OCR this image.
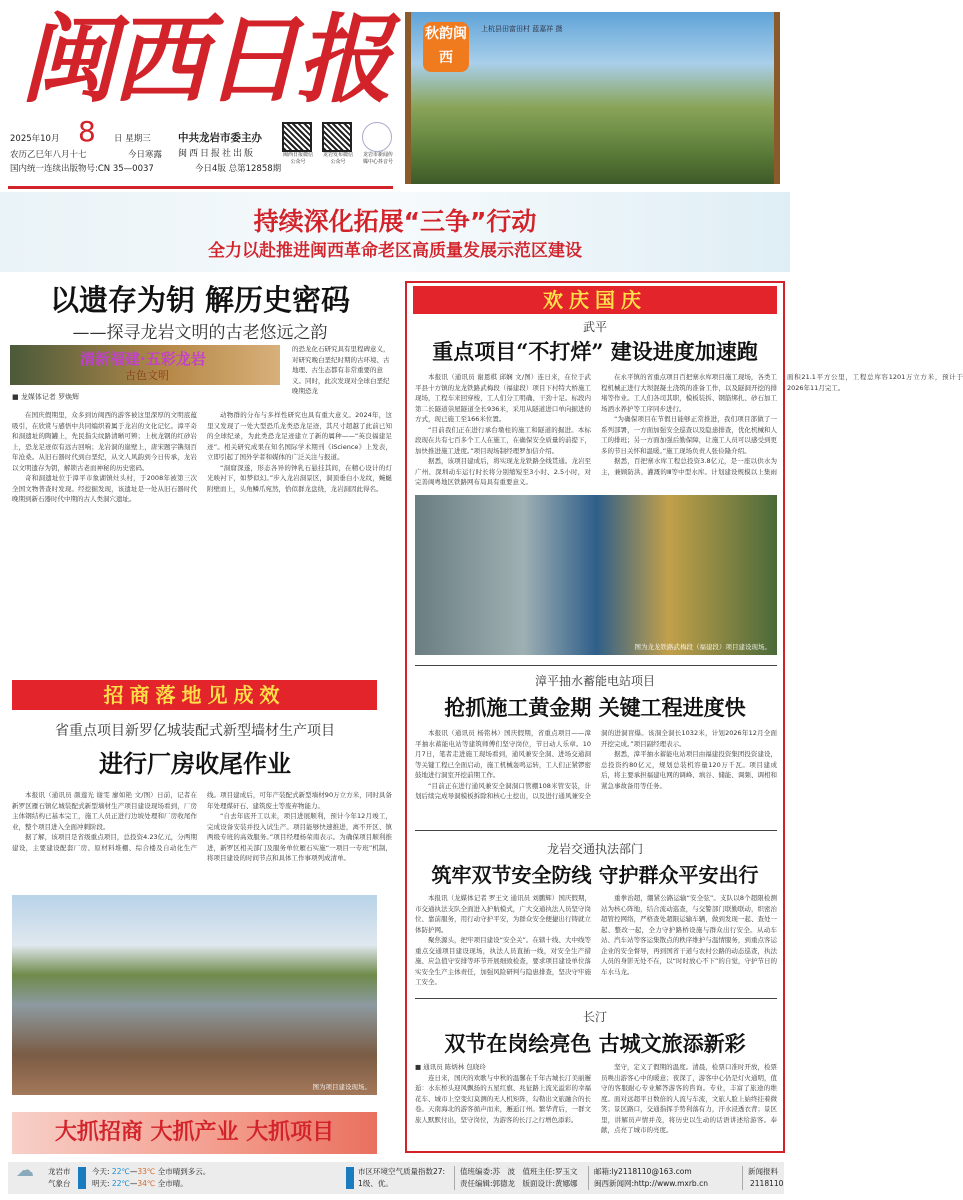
闽西日报
2025年10月
农历乙巳年八月十七
国内统一连续出版物号:CN 35—0037
日 星期三
今日寒露
中共龙岩市委主办
闽西日报社出版
今日4版 总第12858期
闽西日报微信公众号
龙岩发布微信公众号
龙岩市新闻传媒中心抖音号
8
秋韵闽西
上杭县田富田村 蓝嘉祥 摄
持续深化拓展“三争”行动
全力以赴推进闽西革命老区高质量发展示范区建设
以遗存为钥 解历史密码
——探寻龙岩文明的古老悠远之韵
清新福建·五彩龙岩
古色文明
的恐龙化石研究具有里程碑意义，对研究晚白垩纪时期的古环境、古地理、古生态都有非常重要的意义。同时，此次发现对全球白垩纪晚期恐龙
■ 龙媒体记者 罗焕辉

在国庆假期里，众多到访闽西的游客被这里深厚的文明底蕴吸引，在欣赏与感悟中共同编织着属于龙岩的文化记忆。漳平奇和洞遗址的陶罐上，先民指尖纹路清晰可辨；上杭龙钢的红砂岩上，恐龙足迹似有远古回响；龙岩洞的崖壁上，唐宋题字镌刻百年沧桑。从旧石器时代到白垩纪，从文人风韵到今日传承，龙岩以文明遗存为钥，解锁古老而神秘的历史密码。

奇和洞遗址位于漳平市象湖镇灶头村，于2008年被第三次全国文物普查时发现。经挖掘发现，该遗址是一处从旧石器时代晚期到新石器时代中期的古人类洞穴遗址。

动物群的分布与多样性研究也具有重大意义。2024年，这里又发现了一处大型恐爪龙类恐龙足迹，其尺寸超越了此前已知的全球纪录，为此类恐龙足迹建立了新的属种——“英良福建足迹”。相关研究成果在知名国际学术期刊《iScience》上发表，立即引起了国外学者和媒体的广泛关注与报道。

“洞窟深遂，形态各异的钟乳石悬挂其间，在精心设计的灯光映衬下，如梦似幻。”步入龙岩洞景区，洞顶垂白小龙纹，蜿蜒附壁而上，头角鳞爪宛然，恰似群龙盘绕，龙岩洞因此得名。

招商落地见成效
省重点项目新罗亿城装配式新型墙材生产项目
进行厂房收尾作业

本报讯（通讯员 颜莲光 谢雯 廖如艳 文/图）日前，记者在新罗区雁石镇亿城装配式新型墙材生产项目建设现场看到，厂房主体钢结构已基本完工，施工人员正进行边坡处理和厂房收尾作业，整个项目进入全面冲刺阶段。

据了解，该项目是省级重点项目，总投资4.23亿元，分两期建设，主要建设配套厂房、原材料堆棚、综合楼及自动化生产线。项目建成后，可年产装配式新型墙材90万立方米，同时具备年处理煤矸石、建筑废土等废弃物能力。

“自去年底开工以来，项目进展顺利，预计今年12月竣工，完成设备安装并投入试生产。项目能够快速推进，离不开区、镇两级专班的高效服务。”项目经理杨荣南表示。为确保项目顺利推进，新罗区相关部门及服务单位雁石实施“一项目一专班”机制，将项目建设的时间节点和具体工作事项列成清单。

图为项目建设现场。
大抓招商 大抓产业 大抓项目
欢庆国庆
武平
重点项目“不打烊” 建设进度加速跑

本报讯（通讯员 谢恩棋 邱娴 文/图）连日来，在位于武平县十方镇的龙龙铁路武梅段（福建段）项目下村特大桥施工现场，工程车来回穿梭，工人们分工明确、干劲十足。标段内第二长隧道祟屋隧道全长936米，采用从隧道进口单向掘进的方式，现已施工至166米位置。

“目前我们正在进行承台墩柱的施工和隧道的掘进。本标段现在共有七百多个工人在施工，在确保安全质量的前提下，加快推进施工进度。”项目现场制经理罗加信介绍。

据悉，该项目建成后，将实现龙龙铁路全线贯通。龙岩至广州、深圳动车运行时长将分别缩短至3小时、2.5小时，对完善闽粤地区铁路网布局具有重要意义。

在永平镇的省重点项目百把寨水库项目施工现场，各类工程机械正进行大坝混凝土浇筑的准备工作，以及隧洞开挖的排堵等作业。工人们各司其职，模板装拆、钢筋绑扎、砂石加工场洒水养护等工序同步进行。

“为确保项目在节假日能够正常推进，我们项目部做了一系列部署，一方面加强安全巡查以及隐患排查，优化机械和人工的排班；另一方面加强后勤保障，让施工人员可以感受到更多的节日关怀和温暖。”施工现场负责人张俭隆介绍。

据悉，百把寨水库工程总投资3.8亿元，是一座以供水为主，兼顾防洪、灌溉的Ⅲ等中型水库。计划建设规模以上集雨面积21.1平方公里，工程总库容1201万立方米，预计于2026年11月完工。

图为龙龙铁路武梅段（福建段）项目建设现场。
漳平抽水蓄能电站项目
抢抓施工黄金期 关键工程进度快

本报讯（通讯员 杨铭林）国庆假期，省重点项目——漳平抽水蓄能电站等建筑师傅们坚守岗位，节日动人乐章。10月7日，笔者走进施工现场看到，通风兼安全洞、进场交通洞等关键工程已全面启动，施工机械轰鸣运转，工人们正紧锣密鼓地进行洞室开挖前期工作。

“目前正在进行通风兼安全洞洞口管棚108米管安装，计划后续完成导洞模板拆除和核心土挖出，以及进行通风兼安全洞的进洞盲爆。该洞全洞长1032米，计划2026年12月全面开挖完成。”项目副经理表示。

据悉，漳平抽水蓄能电站项目由福建投资集团投资建设，总投资约80亿元，规划总装机容量120万千瓦。项目建成后，将主要承担福建电网的调峰、填谷、储能、调频、调相和紧急事故备用等任务。

龙岩交通执法部门
筑牢双节安全防线 守护群众平安出行

本报讯（龙媒体记者 罗王文 通讯员 刘鹏辉）国庆假期，市交通执法支队全面进入护航模式，广大交通执法人员坚守岗位、靠前服务，用行动守护平安，为群众安全便捷出行铸就立体防护网。

聚焦源头，把牢项目建设“安全关”。在辖十线、大中线等重点交通项目建设现场，执法人员直插一线，对安全生产措施、应急值守安排等环节开展细致检查，要求项目建设单位落实安全生产主体责任，加强风险研判与隐患排查，坚决守牢施工安全。

重拳治超，绷紧公路运输“安全弦”。支队以8个超限检测站为核心阵地，结合流动巡查，与交警部门联勤联动，织密治超管控网络，严格查处超限运输车辆，做到发现一起、查处一起、整改一起，全力守护路桥设施与群众出行安全。从动车站、汽车站等客运集散点的秩序维护与温情服务，到重点客运企业的安全督导，再到国省干道与农村公路的动态巡查，执法人员的身影无处不在，以“时时放心不下”的自觉，守护节日的车水马龙。

长汀
双节在岗绘亮色 古城文旅添新彩

■ 通讯员 陈炳林 包晓玲

连日来，国庆的欢歌与中秋的温馨在千年古城长汀美丽邂逅：水东桥头迎风飘扬的五星红旗、兆征路上流光溢彩的幸福花车、城市上空变幻莫测的无人机矩阵，勾勒出文旅融合的长卷。天南海北的游客循声而来，邂逅汀州。繁华背后，一群文旅人默默付出，坚守岗位，为游客的长汀之行增色添彩。

坚守，定义了假期的温度。清晨，检票口准时开放，检票员唤出游客心中的暖意；夜深了，游客中心仍是灯火通明，值守的客服耐心专业解答游客的咨询。专业，丰富了旅途的维度。面对远超平日数倍的人流与车流，文旅人脸上始终挂着微笑；景区路口，交通指挥手势利落有力，汗水浸透衣背；景区里，讲解员声情并茂，将历史以生动的话语讲述给游客。奉献，点亮了城市的亮度。

☁ 龙岩市气象台
今天: 22℃—33℃ 全市晴到多云。
明天: 22℃—34℃ 全市晴。
市区环境空气质量指数27:
1级、优。
值班编委:苏　波　 值班主任:罗玉文
责任编辑:郭德龙　 版面设计:黄娜娜
邮箱:ly2118110@163.com
闽西新闻网:http://www.mxrb.cn
新闻报料
2118110
